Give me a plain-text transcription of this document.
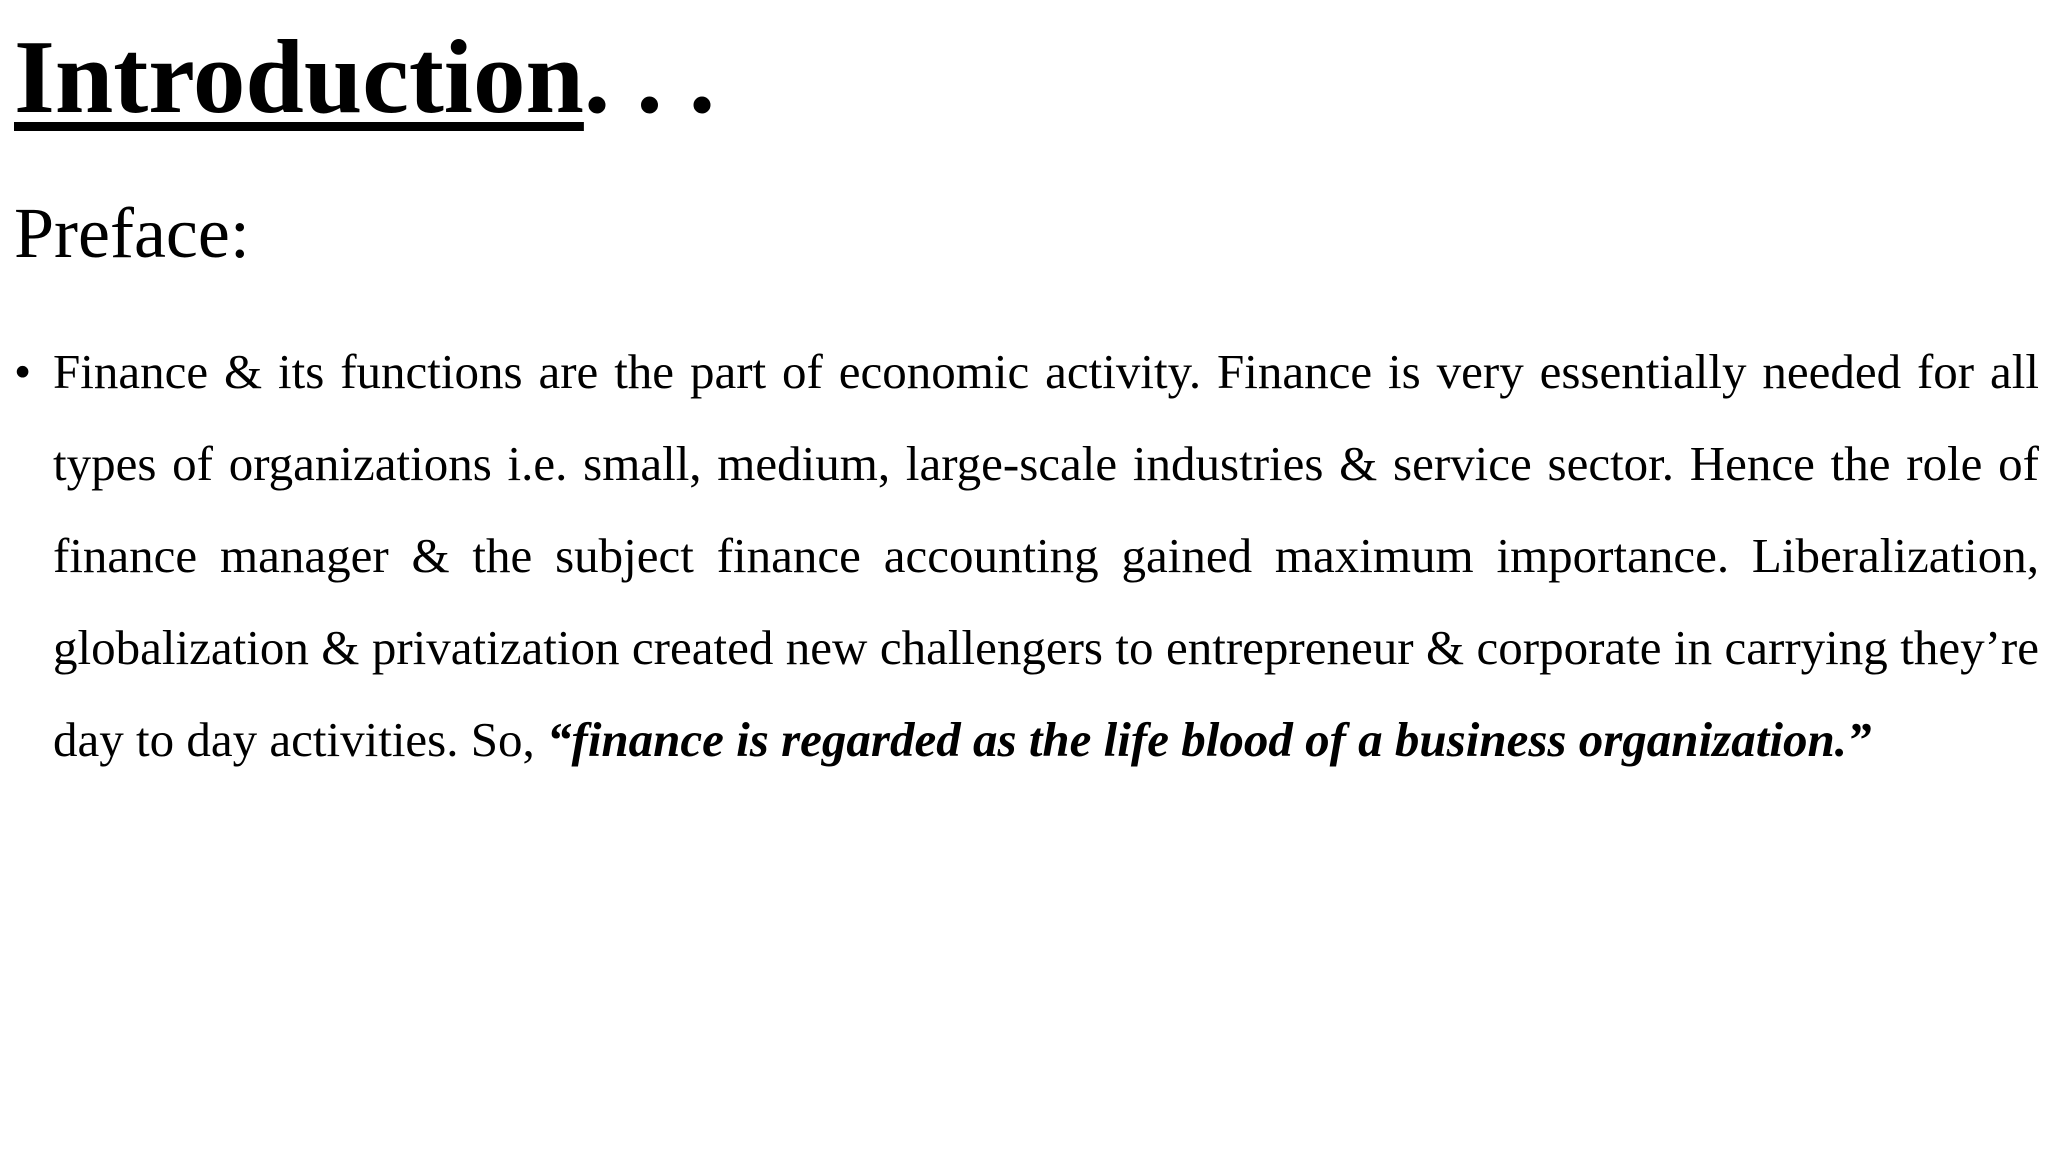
Introduction. . .
Preface:
• Finance & its functions are the part of economic activity. Finance is very essentially needed for all types of organizations i.e. small, medium, large-scale industries & service sector. Hence the role of finance manager & the subject finance accounting gained maximum importance. Liberalization, globalization & privatization created new challengers to entrepreneur & corporate in carrying they’re day to day activities. So, “finance is regarded as the life blood of a business organization.”
